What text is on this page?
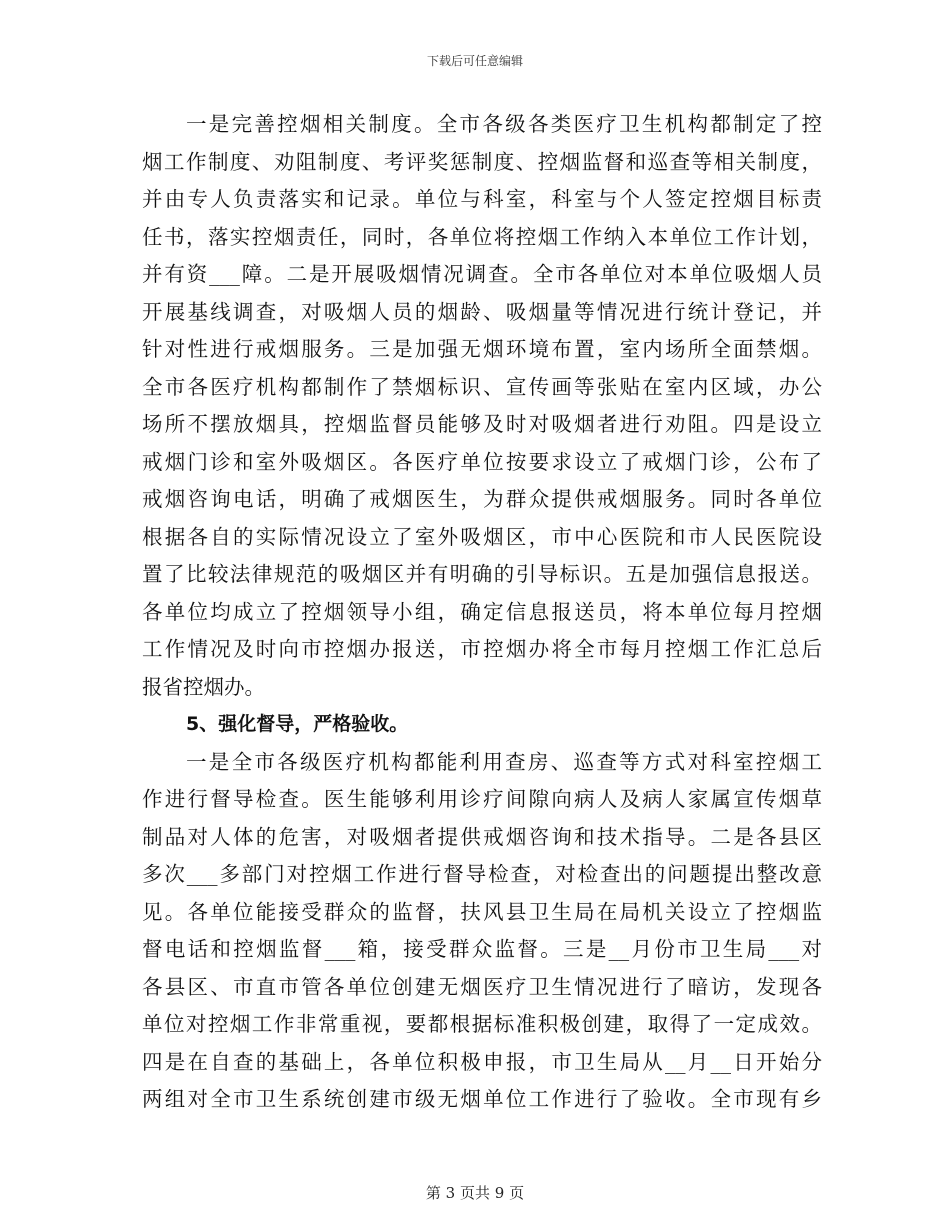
下载后可任意编辑
一是完善控烟相关制度。全市各级各类医疗卫生机构都制定了控
烟工作制度、劝阻制度、考评奖惩制度、控烟监督和巡查等相关制度，
并由专人负责落实和记录。单位与科室，科室与个人签定控烟目标责
任书，落实控烟责任，同时，各单位将控烟工作纳入本单位工作计划，
并有资___障。二是开展吸烟情况调查。全市各单位对本单位吸烟人员
开展基线调查，对吸烟人员的烟龄、吸烟量等情况进行统计登记，并
针对性进行戒烟服务。三是加强无烟环境布置，室内场所全面禁烟。
全市各医疗机构都制作了禁烟标识、宣传画等张贴在室内区域，办公
场所不摆放烟具，控烟监督员能够及时对吸烟者进行劝阻。四是设立
戒烟门诊和室外吸烟区。各医疗单位按要求设立了戒烟门诊，公布了
戒烟咨询电话，明确了戒烟医生，为群众提供戒烟服务。同时各单位
根据各自的实际情况设立了室外吸烟区，市中心医院和市人民医院设
置了比较法律规范的吸烟区并有明确的引导标识。五是加强信息报送。
各单位均成立了控烟领导小组，确定信息报送员，将本单位每月控烟
工作情况及时向市控烟办报送，市控烟办将全市每月控烟工作汇总后
报省控烟办。
5、强化督导，严格验收。
一是全市各级医疗机构都能利用查房、巡查等方式对科室控烟工
作进行督导检查。医生能够利用诊疗间隙向病人及病人家属宣传烟草
制品对人体的危害，对吸烟者提供戒烟咨询和技术指导。二是各县区
多次___多部门对控烟工作进行督导检查，对检查出的问题提出整改意
见。各单位能接受群众的监督，扶风县卫生局在局机关设立了控烟监
督电话和控烟监督___箱，接受群众监督。三是__月份市卫生局___对
各县区、市直市管各单位创建无烟医疗卫生情况进行了暗访，发现各
单位对控烟工作非常重视，要都根据标准积极创建，取得了一定成效。
四是在自查的基础上，各单位积极申报，市卫生局从__月__日开始分
两组对全市卫生系统创建市级无烟单位工作进行了验收。全市现有乡
第 3 页共 9 页
